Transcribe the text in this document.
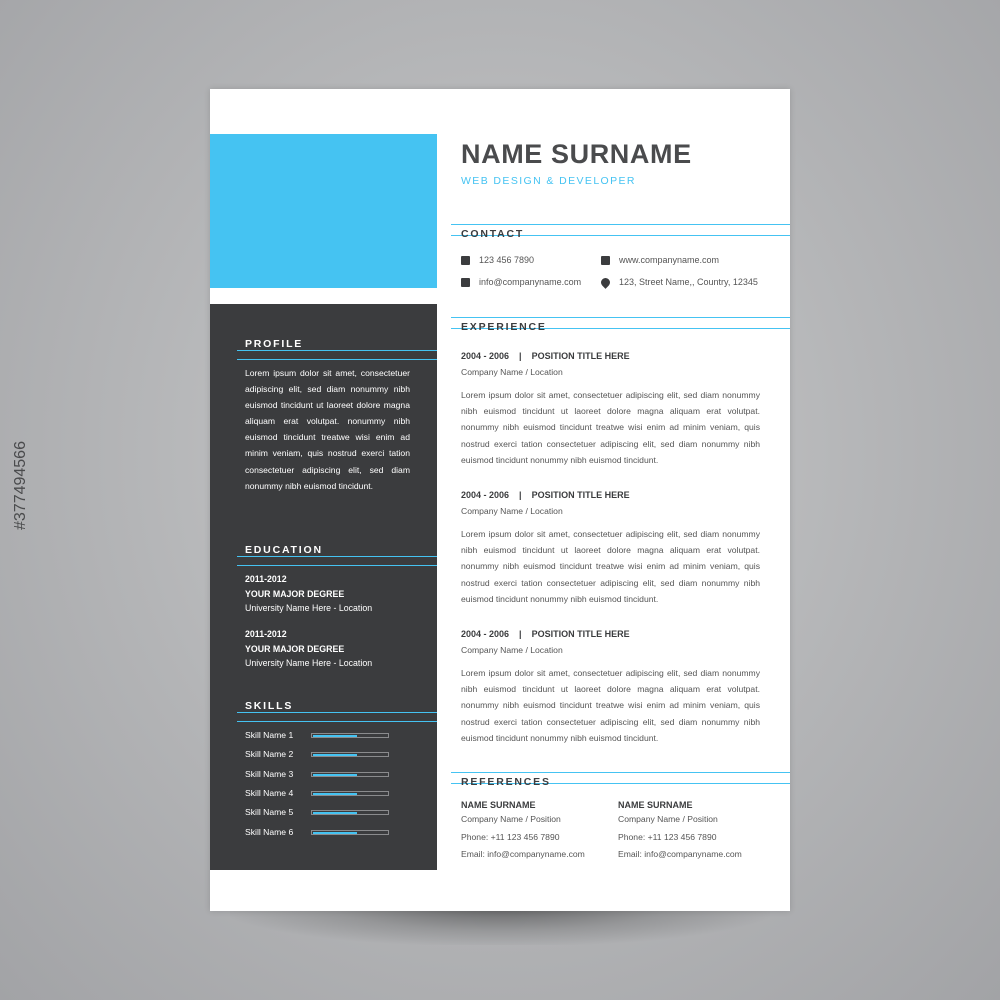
#377494566
NAME SURNAME
WEB DESIGN & DEVELOPER
CONTACT
123 456 7890
info@companyname.com
www.companyname.com
123, Street Name,, Country, 12345
EXPERIENCE
2004 - 2006 | POSITION TITLE HERE
Company Name / Location
Lorem ipsum dolor sit amet, consectetuer adipiscing elit, sed diam nonummy nibh euismod tincidunt ut laoreet dolore magna aliquam erat volutpat. nonummy nibh euismod tincidunt treatwe wisi enim ad minim veniam, quis nostrud exerci tation consectetuer adipiscing elit, sed diam nonummy nibh euismod tincidunt nonummy nibh euismod tincidunt.
2004 - 2006 | POSITION TITLE HERE
Company Name / Location
Lorem ipsum dolor sit amet, consectetuer adipiscing elit, sed diam nonummy nibh euismod tincidunt ut laoreet dolore magna aliquam erat volutpat. nonummy nibh euismod tincidunt treatwe wisi enim ad minim veniam, quis nostrud exerci tation consectetuer adipiscing elit, sed diam nonummy nibh euismod tincidunt nonummy nibh euismod tincidunt.
2004 - 2006 | POSITION TITLE HERE
Company Name / Location
Lorem ipsum dolor sit amet, consectetuer adipiscing elit, sed diam nonummy nibh euismod tincidunt ut laoreet dolore magna aliquam erat volutpat. nonummy nibh euismod tincidunt treatwe wisi enim ad minim veniam, quis nostrud exerci tation consectetuer adipiscing elit, sed diam nonummy nibh euismod tincidunt nonummy nibh euismod tincidunt.
REFERENCES
NAME SURNAME
Company Name / Position
Phone: +11 123 456 7890
Email: info@companyname.com
NAME SURNAME
Company Name / Position
Phone: +11 123 456 7890
Email: info@companyname.com
PROFILE
Lorem ipsum dolor sit amet, consectetuer adipiscing elit, sed diam nonummy nibh euismod tincidunt ut laoreet dolore magna aliquam erat volutpat. nonummy nibh euismod tincidunt treatwe wisi enim ad minim veniam, quis nostrud exerci tation consectetuer adipiscing elit, sed diam nonummy nibh euismod tincidunt.
EDUCATION
2011-2012
YOUR MAJOR DEGREE
University Name Here - Location
2011-2012
YOUR MAJOR DEGREE
University Name Here - Location
SKILLS
Skill Name 1
Skill Name 2
Skill Name 3
Skill Name 4
Skill Name 5
Skill Name 6
